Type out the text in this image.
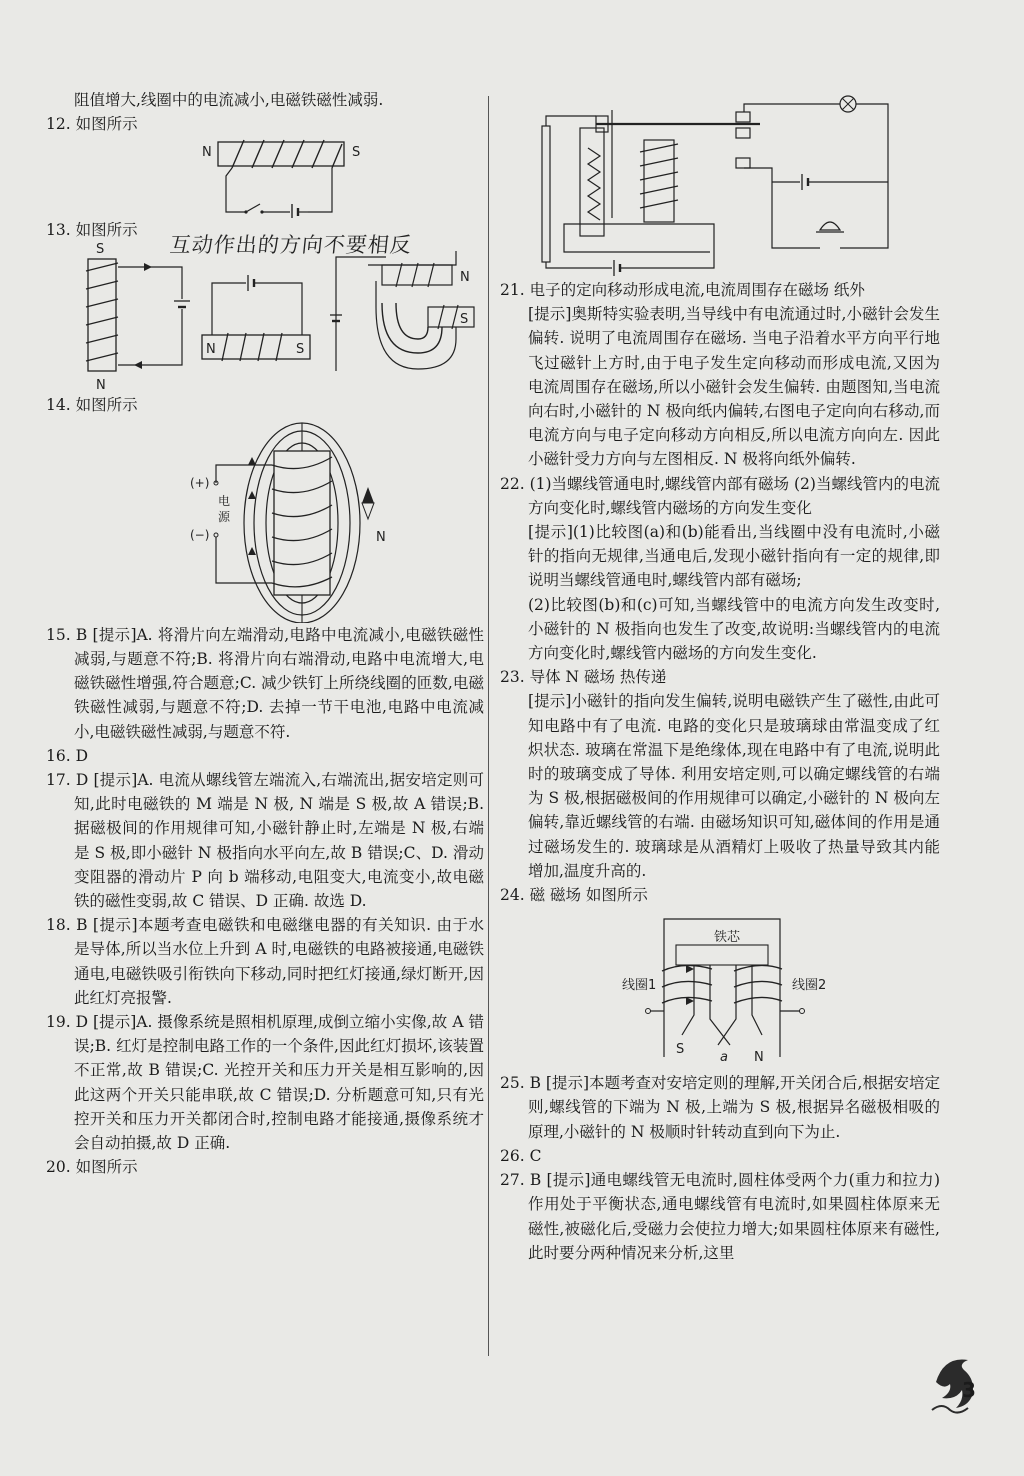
阻值增大,线圈中的电流减小,电磁铁磁性减弱.

12. 如图所示

N	S

13. 如图所示

S
N
N	S
N
S

14. 如图所示

(+)
(−)
电
源
N

15. B [提示]A. 将滑片向左端滑动,电路中电流减小,电磁铁磁性减弱,与题意不符;B. 将滑片向右端滑动,电路中电流增大,电磁铁磁性增强,符合题意;C. 减少铁钉上所绕线圈的匝数,电磁铁磁性减弱,与题意不符;D. 去掉一节干电池,电路中电流减小,电磁铁磁性减弱,与题意不符.

16. D

17. D [提示]A. 电流从螺线管左端流入,右端流出,据安培定则可知,此时电磁铁的 M 端是 N 极, N 端是 S 极,故 A 错误;B. 据磁极间的作用规律可知,小磁针静止时,左端是 N 极,右端是 S 极,即小磁针 N 极指向水平向左,故 B 错误;C、D. 滑动变阻器的滑动片 P 向 b 端移动,电阻变大,电流变小,故电磁铁的磁性变弱,故 C 错误、D 正确. 故选 D.

18. B [提示]本题考查电磁铁和电磁继电器的有关知识. 由于水是导体,所以当水位上升到 A 时,电磁铁的电路被接通,电磁铁通电,电磁铁吸引衔铁向下移动,同时把红灯接通,绿灯断开,因此红灯亮报警.

19. D [提示]A. 摄像系统是照相机原理,成倒立缩小实像,故 A 错误;B. 红灯是控制电路工作的一个条件,因此红灯损坏,该装置不正常,故 B 错误;C. 光控开关和压力开关是相互影响的,因此这两个开关只能串联,故 C 错误;D. 分析题意可知,只有光控开关和压力开关都闭合时,控制电路才能接通,摄像系统才会自动拍摄,故 D 正确.

20. 如图所示

互动作出的方向不要相反

21. 电子的定向移动形成电流,电流周围存在磁场 纸外

[提示]奥斯特实验表明,当导线中有电流通过时,小磁针会发生偏转. 说明了电流周围存在磁场. 当电子沿着水平方向平行地飞过磁针上方时,由于电子发生定向移动而形成电流,又因为电流周围存在磁场,所以小磁针会发生偏转. 由题图知,当电流向右时,小磁针的 N 极向纸内偏转,右图电子定向向右移动,而电流方向与电子定向移动方向相反,所以电流方向向左. 因此小磁针受力方向与左图相反. N 极将向纸外偏转.

22. (1)当螺线管通电时,螺线管内部有磁场 (2)当螺线管内的电流方向变化时,螺线管内磁场的方向发生变化

[提示](1)比较图(a)和(b)能看出,当线圈中没有电流时,小磁针的指向无规律,当通电后,发现小磁针指向有一定的规律,即说明当螺线管通电时,螺线管内部有磁场;

(2)比较图(b)和(c)可知,当螺线管中的电流方向发生改变时,小磁针的 N 极指向也发生了改变,故说明:当螺线管内的电流方向变化时,螺线管内磁场的方向发生变化.

23. 导体 N 磁场 热传递

[提示]小磁针的指向发生偏转,说明电磁铁产生了磁性,由此可知电路中有了电流. 电路的变化只是玻璃球由常温变成了红炽状态. 玻璃在常温下是绝缘体,现在电路中有了电流,说明此时的玻璃变成了导体. 利用安培定则,可以确定螺线管的右端为 S 极,根据磁极间的作用规律可以确定,小磁针的 N 极向左偏转,靠近螺线管的右端. 由磁场知识可知,磁体间的作用是通过磁场发生的. 玻璃球是从酒精灯上吸收了热量导致其内能增加,温度升高的.

24. 磁 磁场 如图所示

铁芯
线圈1	线圈2
S
N
a

25. B [提示]本题考查对安培定则的理解,开关闭合后,根据安培定则,螺线管的下端为 N 极,上端为 S 极,根据异名磁极相吸的原理,小磁针的 N 极顺时针转动直到向下为止.

26. C

27. B [提示]通电螺线管无电流时,圆柱体受两个力(重力和拉力)作用处于平衡状态,通电螺线管有电流时,如果圆柱体原来无磁性,被磁化后,受磁力会使拉力增大;如果圆柱体原来有磁性,此时要分两种情况来分析,这里

3
